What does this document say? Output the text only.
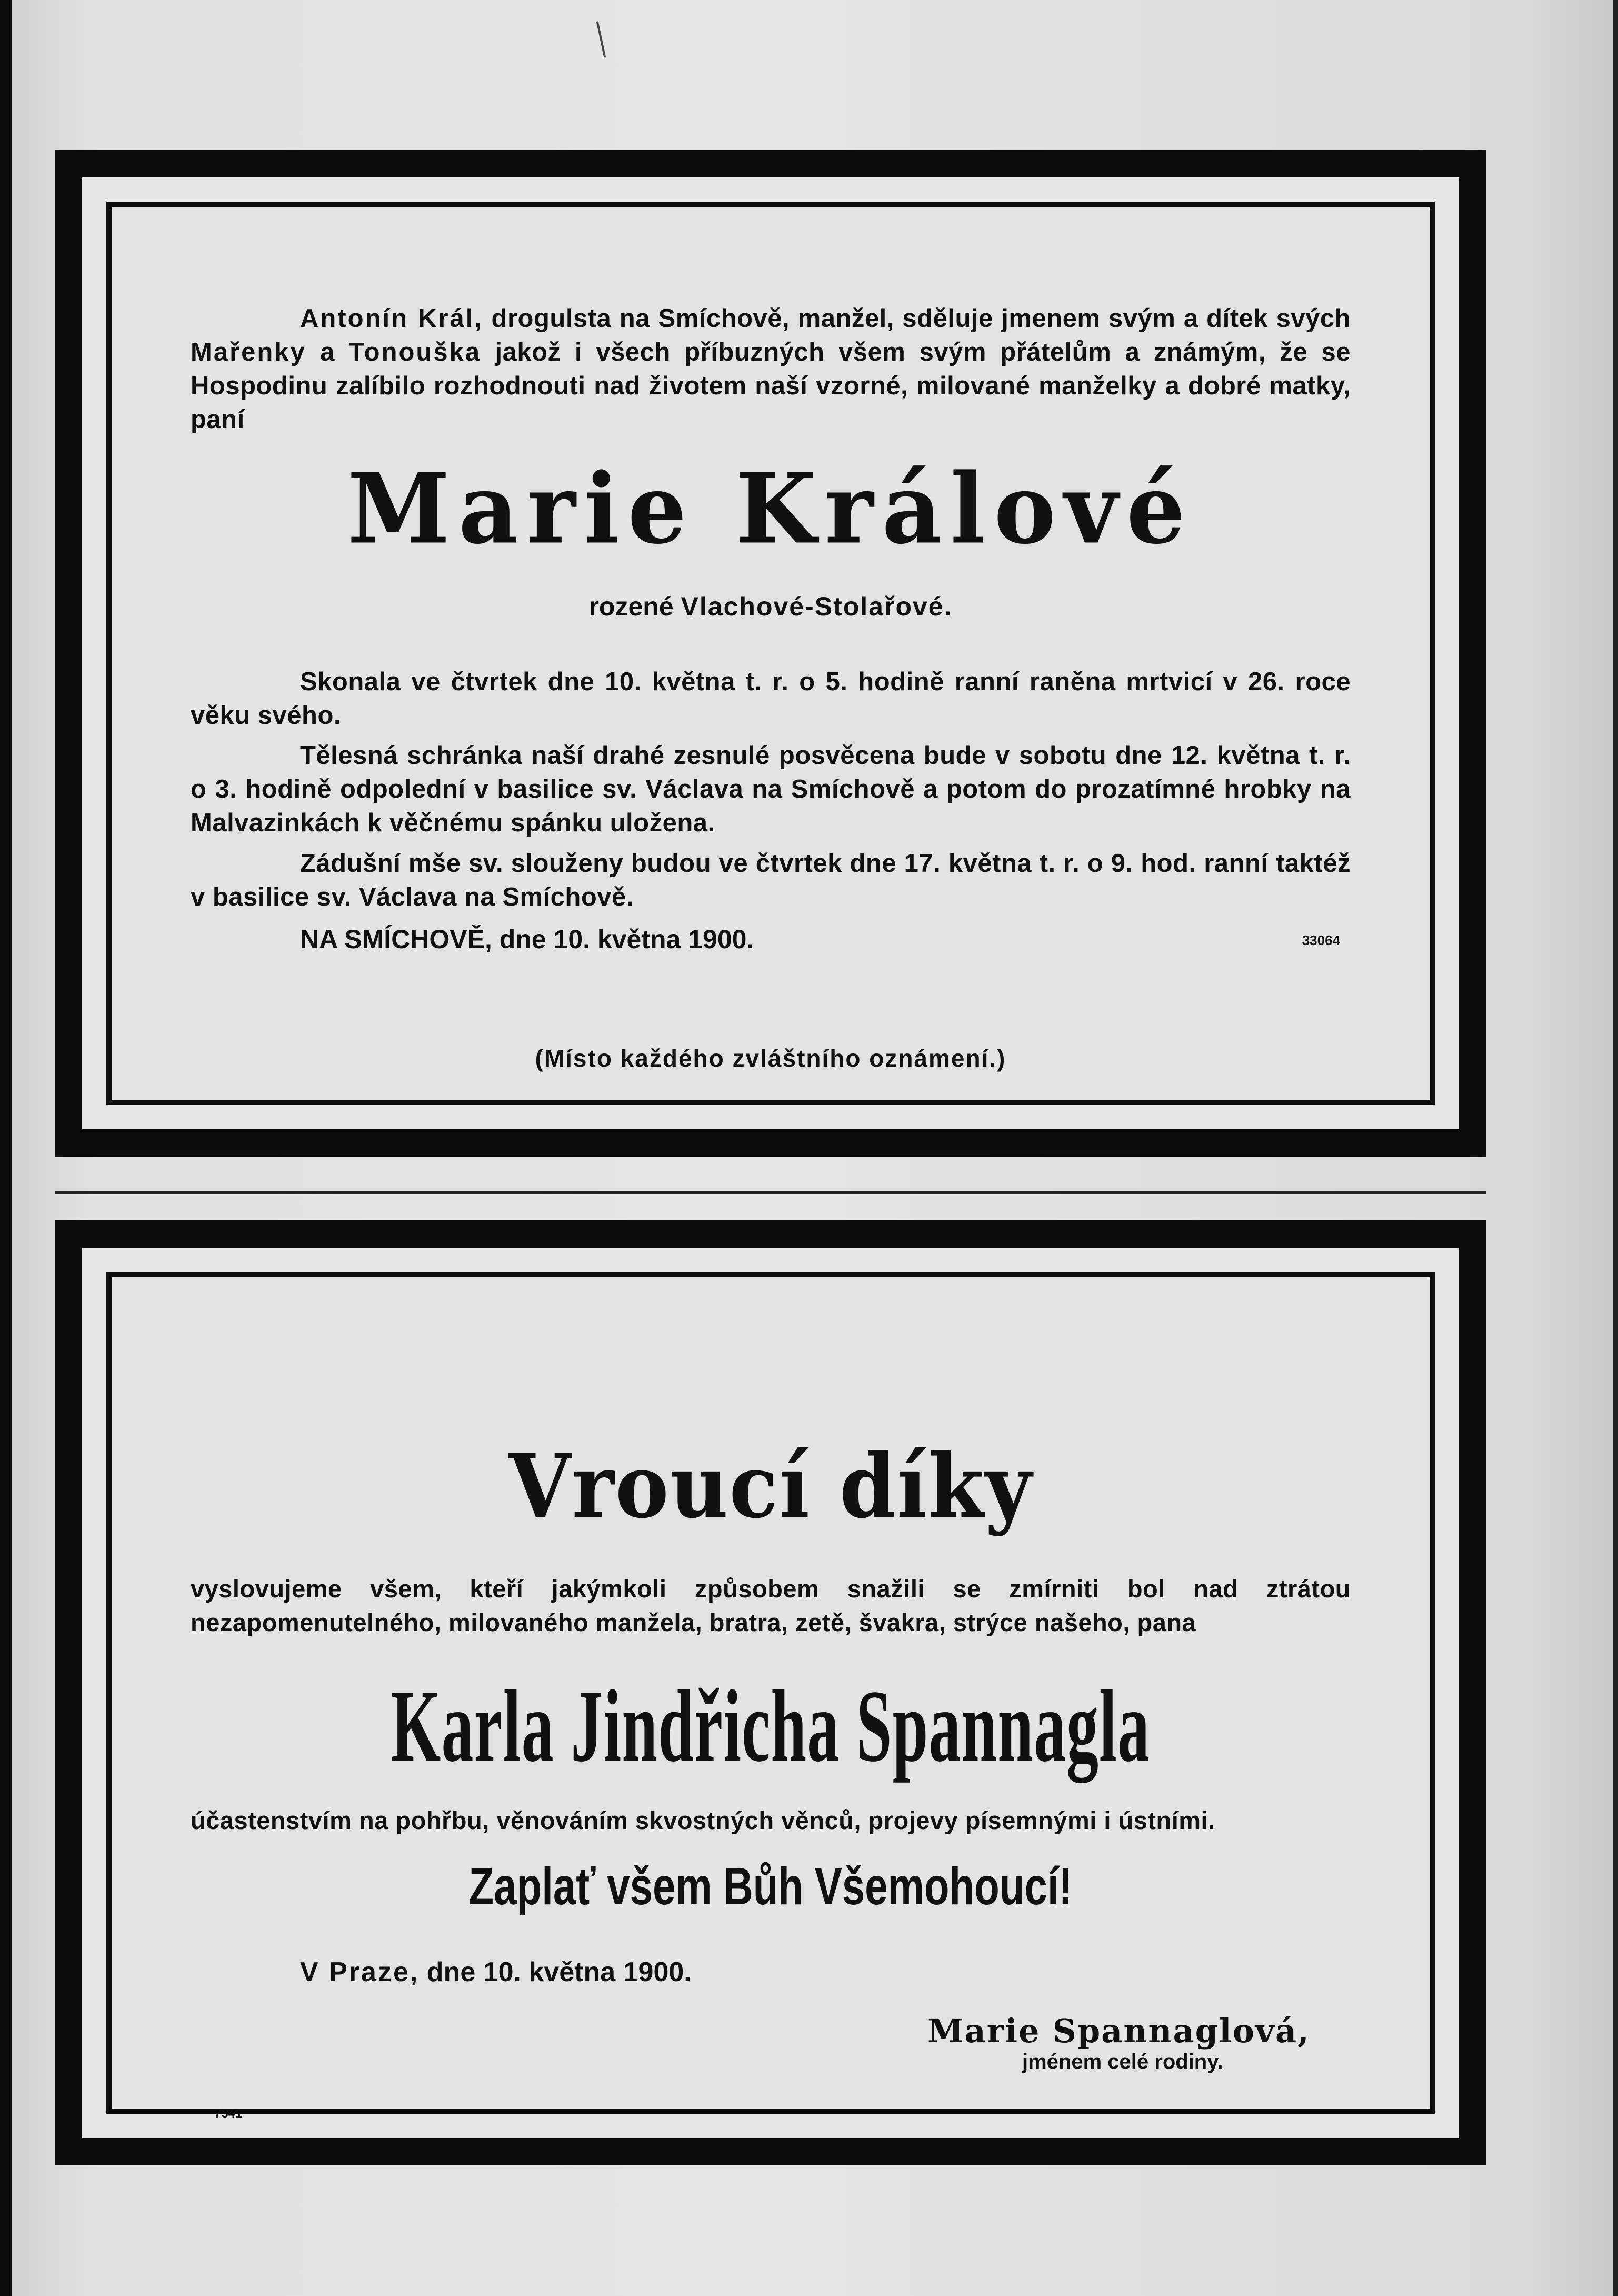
Antonín Král, drogulsta na Smíchově, manžel, sděluje jmenem svým a dítek svých Mařenky a Tonouška jakož i všech příbuzných všem svým přátelům a známým, že se Hospodinu zalíbilo rozhodnouti nad životem naší vzorné, milované manželky a dobré matky, paní

Marie Králové
rozené Vlachové-Stolařové.

Skonala ve čtvrtek dne 10. května t. r. o 5. hodině ranní raněna mrtvicí v 26. roce věku svého.

Tělesná schránka naší drahé zesnulé posvěcena bude v sobotu dne 12. května t. r. o 3. hodině odpolední v basilice sv. Václava na Smíchově a potom do prozatímné hrobky na Malvazinkách k věčnému spánku uložena.

Zádušní mše sv. slouženy budou ve čtvrtek dne 17. května t. r. o 9. hod. ranní taktéž v basilice sv. Václava na Smíchově.

NA SMÍCHOVĚ, dne 10. května 1900.	33064
(Místo každého zvláštního oznámení.)
Vroucí díky

vyslovujeme všem, kteří jakýmkoli způsobem snažili se zmírniti bol nad ztrátou nezapomenutelného, milovaného manžela, bratra, zetě, švakra, strýce našeho, pana

Karla Jindřicha Spannagla

účastenstvím na pohřbu, věnováním skvostných věnců, projevy písemnými i ústními.

Zaplať všem Bůh Všemohoucí!
V Praze, dne 10. května 1900.
Marie Spannaglová,
jménem celé rodiny.
7341
